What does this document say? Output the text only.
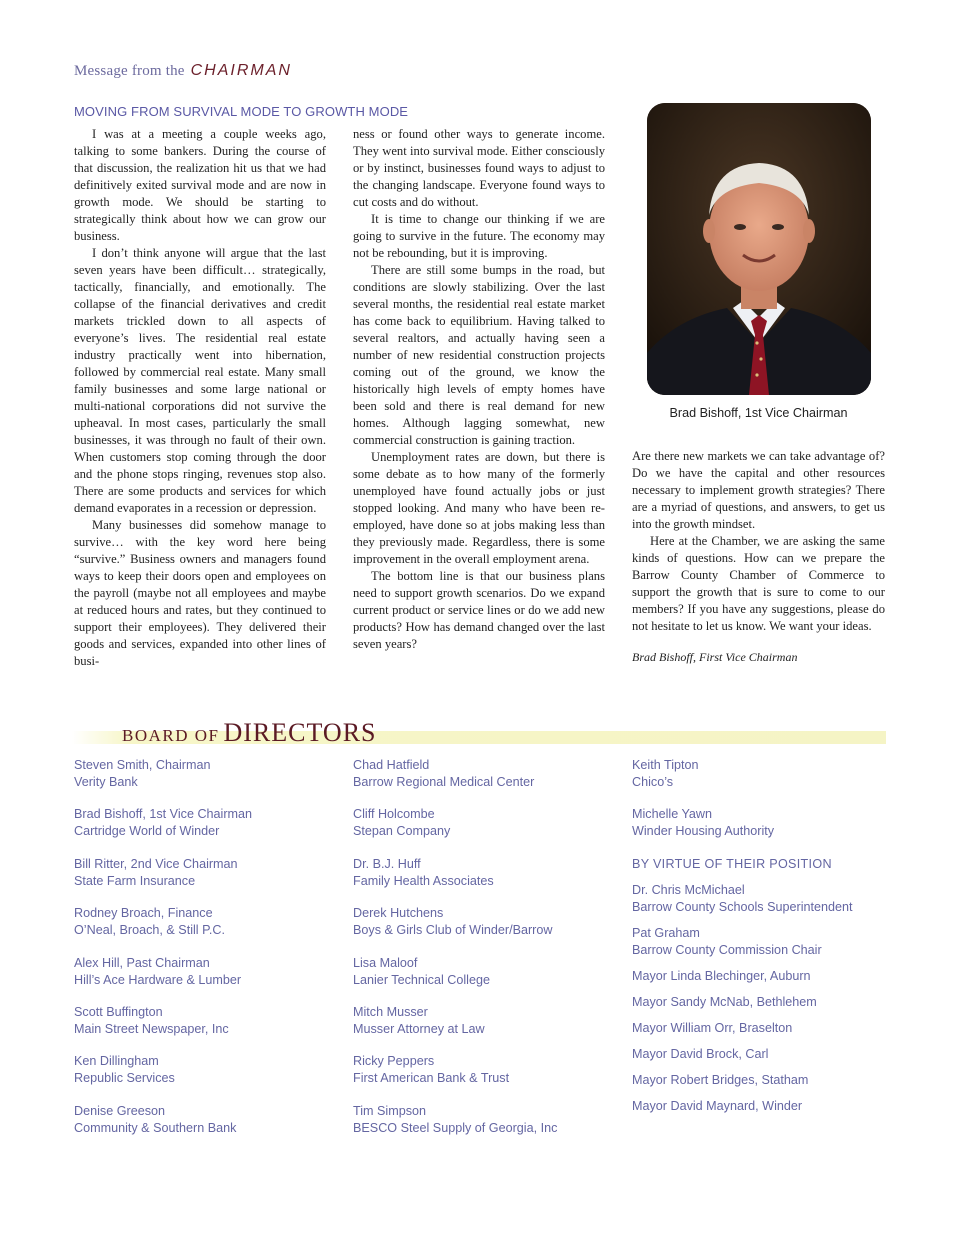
Message from the CHAIRMAN
MOVING FROM SURVIVAL MODE TO GROWTH MODE

I was at a meeting a couple weeks ago, talking to some bankers. During the course of that discussion, the realization hit us that we had definitively exited survival mode and are now in growth mode. We should be starting to strategically think about how we can grow our business.

I don’t think anyone will argue that the last seven years have been difficult… strategically, tactically, financially, and emotionally. The collapse of the financial derivatives and credit markets trickled down to all aspects of everyone’s lives. The residential real estate industry practically went into hibernation, followed by commercial real estate. Many small family businesses and some large national or multi-national corporations did not survive the upheaval. In most cases, particularly the small businesses, it was through no fault of their own. When customers stop coming through the door and the phone stops ringing, revenues stop also. There are some products and services for which demand evaporates in a recession or depression.

Many businesses did somehow manage to survive… with the key word here being “survive.” Business owners and managers found ways to keep their doors open and employees on the payroll (maybe not all employees and maybe at reduced hours and rates, but they continued to support their employees). They delivered their goods and services, expanded into other lines of busi-

ness or found other ways to generate income. They went into survival mode. Either consciously or by instinct, businesses found ways to adjust to the changing landscape. Everyone found ways to cut costs and do without.

It is time to change our thinking if we are going to survive in the future. The economy may not be rebounding, but it is improving.

There are still some bumps in the road, but conditions are slowly stabilizing. Over the last several months, the residential real estate market has come back to equilibrium. Having talked to several realtors, and actually having seen a number of new residential construction projects coming out of the ground, we know the historically high levels of empty homes have been sold and there is real demand for new homes. Although lagging somewhat, new commercial construction is gaining traction.

Unemployment rates are down, but there is some debate as to how many of the formerly unemployed have found actually jobs or just stopped looking. And many who have been re-employed, have done so at jobs making less than they previously made. Regardless, there is some improvement in the overall employment arena.

The bottom line is that our business plans need to support growth scenarios. Do we expand current product or service lines or do we add new products? How has demand changed over the last seven years?

Brad Bishoff, 1st Vice Chairman

Are there new markets we can take advantage of? Do we have the capital and other resources necessary to implement growth strategies? There are a myriad of questions, and answers, to get us into the growth mindset.

Here at the Chamber, we are asking the same kinds of questions. How can we prepare the Barrow County Chamber of Commerce to support the growth that is sure to come to our members? If you have any suggestions, please do not hesitate to let us know. We want your ideas.

Brad Bishoff, First Vice Chairman

BOARD OF DIRECTORS
Steven Smith, Chairman
Verity Bank
Brad Bishoff, 1st Vice Chairman
Cartridge World of Winder
Bill Ritter, 2nd Vice Chairman
State Farm Insurance
Rodney Broach, Finance
O’Neal, Broach, & Still P.C.
Alex Hill, Past Chairman
Hill’s Ace Hardware & Lumber
Scott Buffington
Main Street Newspaper, Inc
Ken Dillingham
Republic Services
Denise Greeson
Community & Southern Bank
Chad Hatfield
Barrow Regional Medical Center
Cliff Holcombe
Stepan Company
Dr. B.J. Huff
Family Health Associates
Derek Hutchens
Boys & Girls Club of Winder/Barrow
Lisa Maloof
Lanier Technical College
Mitch Musser
Musser Attorney at Law
Ricky Peppers
First American Bank & Trust
Tim Simpson
BESCO Steel Supply of Georgia, Inc
Keith Tipton
Chico’s
Michelle Yawn
Winder Housing Authority
BY VIRTUE OF THEIR POSITION
Dr. Chris McMichael
Barrow County Schools Superintendent
Pat Graham
Barrow County Commission Chair
Mayor Linda Blechinger, Auburn
Mayor Sandy McNab, Bethlehem
Mayor William Orr, Braselton
Mayor David Brock, Carl
Mayor Robert Bridges, Statham
Mayor David Maynard, Winder
